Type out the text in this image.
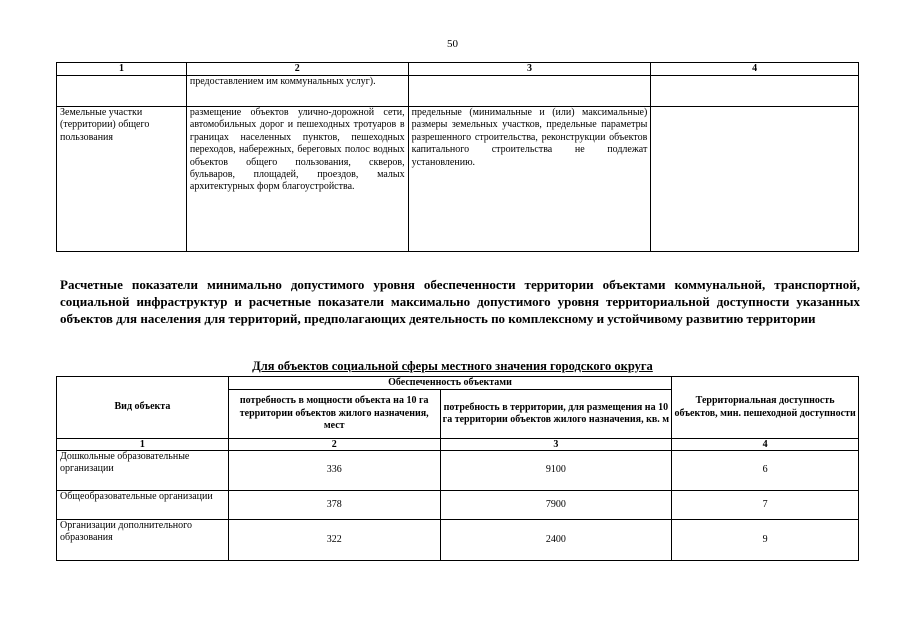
50
1	2	3	4
	предоставлением им коммунальных услуг).		
Земельные участки (территории) общего пользования	размещение объектов улично-дорожной сети, автомобильных дорог и пешеходных тротуаров в границах населенных пунктов, пешеходных переходов, набережных, береговых полос водных объектов общего пользования, скверов, бульваров, площадей, проездов, малых архитектурных форм благоустройства.	предельные (минимальные и (или) максимальные) размеры земельных участков, предельные параметры разрешенного строительства, реконструкции объектов капитального строительства не подлежат установлению.	
Расчетные показатели минимально допустимого уровня обеспеченности территории объектами коммунальной, транспортной, социальной инфраструктур и расчетные показатели максимально допустимого уровня территориальной доступности указанных объектов для населения для территорий, предполагающих деятельность по комплексному и устойчивому развитию территории
Для объектов социальной сферы местного значения городского округа
Вид объекта	Обеспеченность объектами		Территориальная доступность объектов, мин. пешеходной доступности
	потребность в мощности объекта на 10 га территории объектов жилого назначения, мест	потребность в территории, для размещения на 10 га территории объектов жилого назначения, кв. м	
1	2	3	4
Дошкольные образовательные организации	336	9100	6
Общеобразовательные организации	378	7900	7
Организации дополнительного образования	322	2400	9
